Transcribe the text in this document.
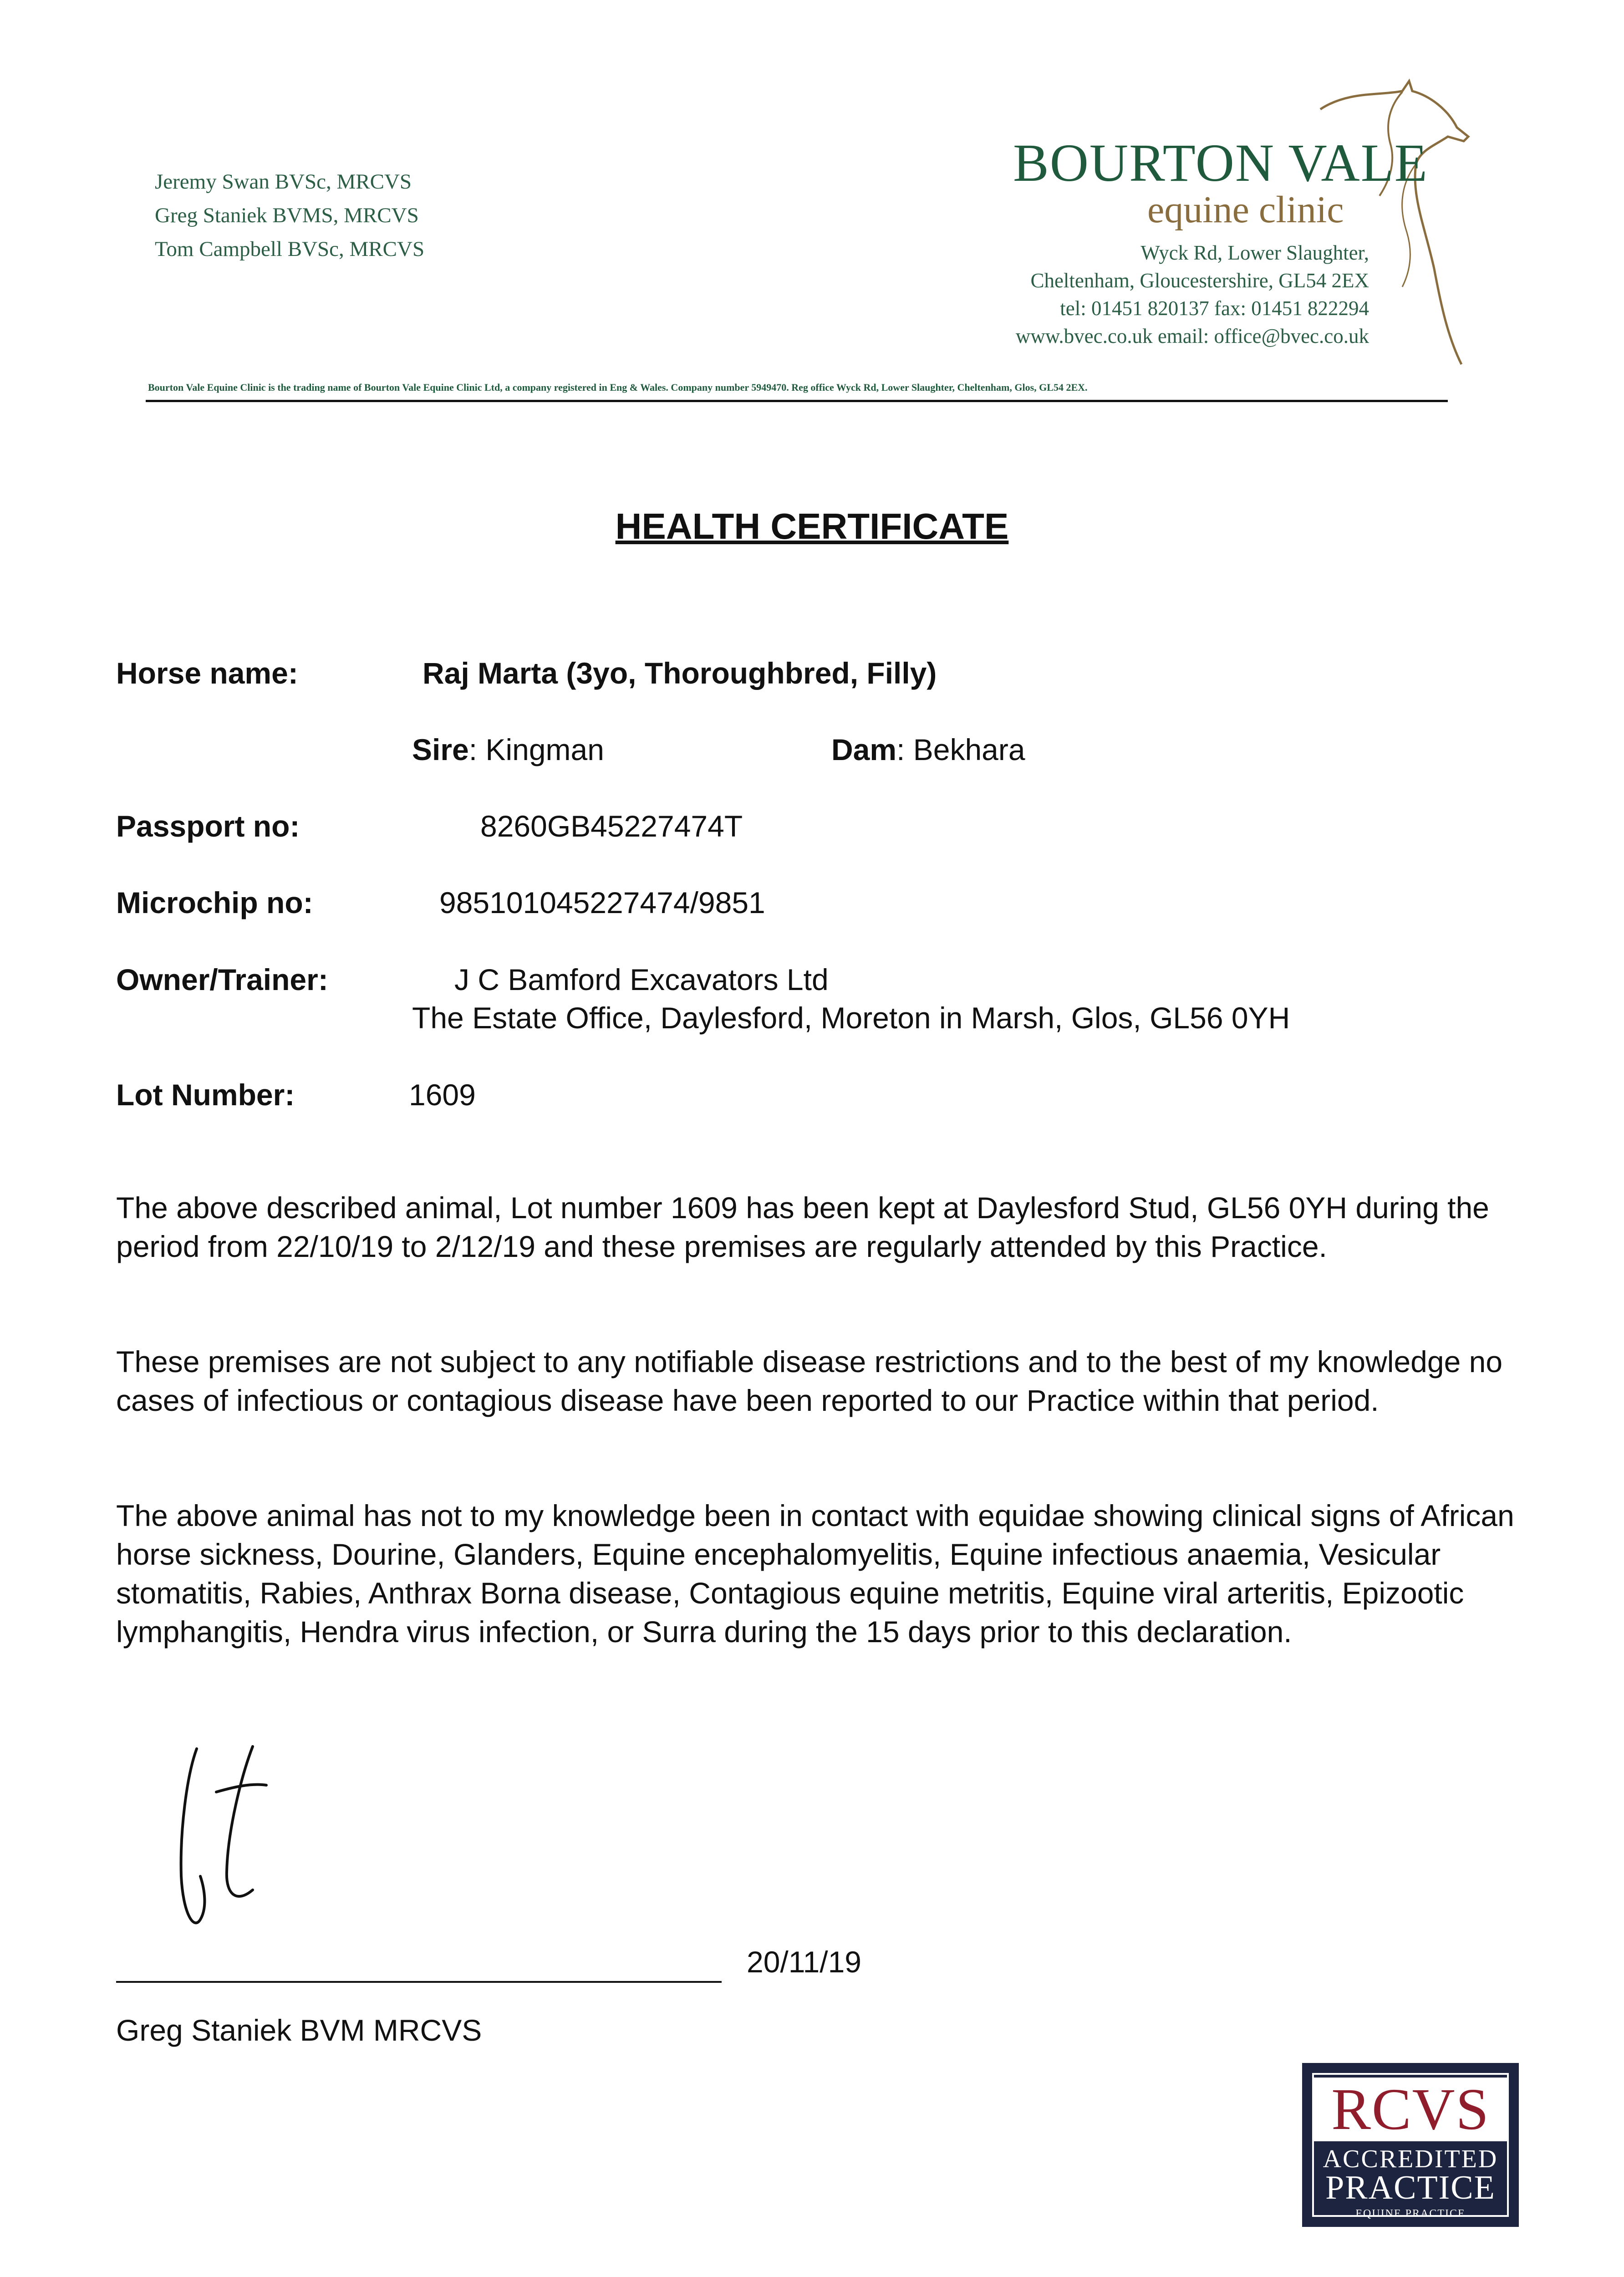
Jeremy Swan BVSc, MRCVS
Greg Staniek BVMS, MRCVS
Tom Campbell BVSc, MRCVS
BOURTON VALE
equine clinic
Wyck Rd, Lower Slaughter,
Cheltenham, Gloucestershire, GL54 2EX
tel: 01451 820137 fax: 01451 822294
www.bvec.co.uk email: office@bvec.co.uk
Bourton Vale Equine Clinic is the trading name of Bourton Vale Equine Clinic Ltd, a company registered in Eng & Wales. Company number 5949470. Reg office Wyck Rd, Lower Slaughter, Cheltenham, Glos, GL54 2EX.
HEALTH CERTIFICATE
Horse name:	Raj Marta (3yo, Thoroughbred, Filly)
Sire: Kingman	Dam: Bekhara
Passport no:	8260GB45227474T
Microchip no:	985101045227474/9851
Owner/Trainer:	J C Bamford Excavators Ltd
The Estate Office, Daylesford, Moreton in Marsh, Glos, GL56 0YH
Lot Number:	1609
The above described animal, Lot number 1609 has been kept at Daylesford Stud, GL56 0YH during the period from 22/10/19 to 2/12/19 and these premises are regularly attended by this Practice.
These premises are not subject to any notifiable disease restrictions and to the best of my knowledge no cases of infectious or contagious disease have been reported to our Practice within that period.
The above animal has not to my knowledge been in contact with equidae showing clinical signs of African horse sickness, Dourine, Glanders, Equine encephalomyelitis, Equine infectious anaemia, Vesicular stomatitis, Rabies, Anthrax Borna disease, Contagious equine metritis, Equine viral arteritis, Epizootic lymphangitis, Hendra virus infection, or Surra during the 15 days prior to this declaration.
20/11/19
Greg Staniek BVM MRCVS
RCVS
ACCREDITED
PRACTICE
EQUINE PRACTICE
